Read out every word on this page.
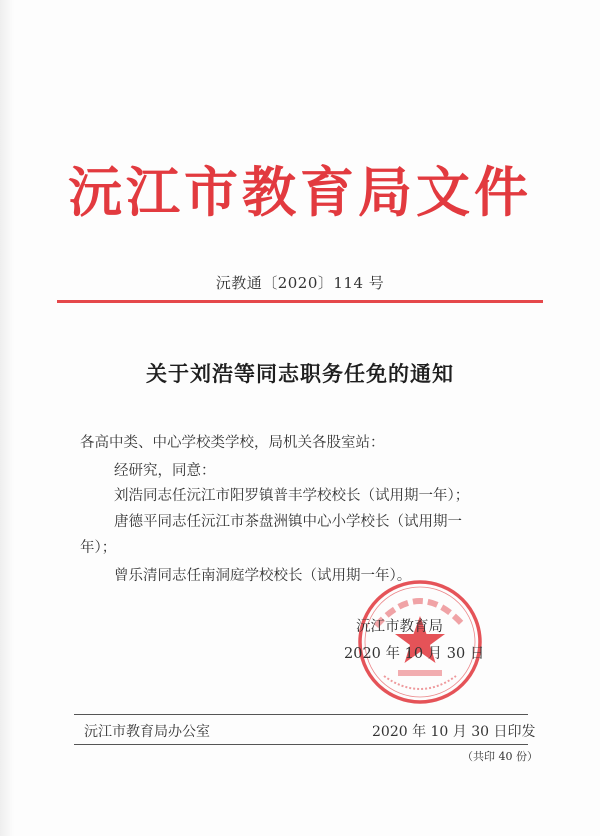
沅江市教育局文件
沅教通〔2020〕114 号
关于刘浩等同志职务任免的通知
各高中类、中心学校类学校，局机关各股室站：
经研究，同意：
刘浩同志任沅江市阳罗镇普丰学校校长（试用期一年）；
唐德平同志任沅江市茶盘洲镇中心小学校长（试用期一
年）；
曾乐清同志任南洞庭学校校长（试用期一年）。
沅江市教育局
2020 年 10 月 30 日
沅江市教育局办公室	2020 年 10 月 30 日印发
（共印 40 份）
